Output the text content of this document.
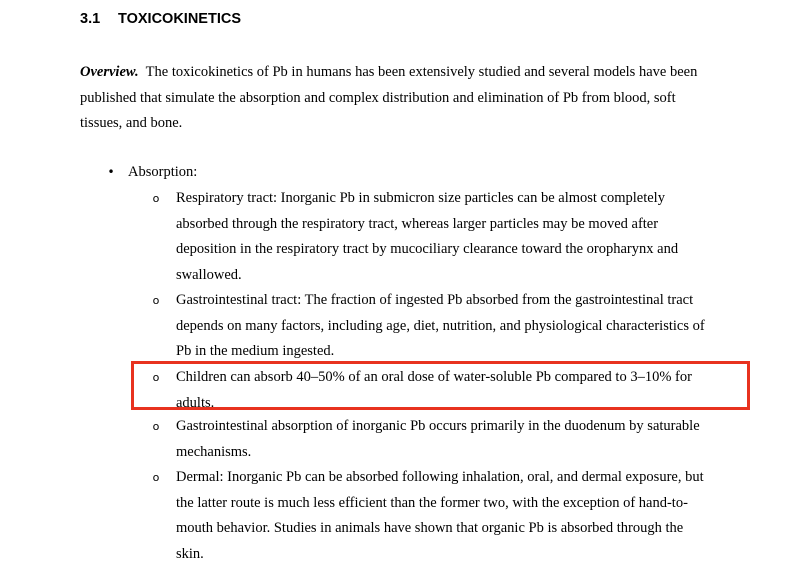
3.1 TOXICOKINETICS
Overview. The toxicokinetics of Pb in humans has been extensively studied and several models have been published that simulate the absorption and complex distribution and elimination of Pb from blood, soft tissues, and bone.
• Absorption:
o Respiratory tract: Inorganic Pb in submicron size particles can be almost completely absorbed through the respiratory tract, whereas larger particles may be moved after deposition in the respiratory tract by mucociliary clearance toward the oropharynx and swallowed.
o Gastrointestinal tract: The fraction of ingested Pb absorbed from the gastrointestinal tract depends on many factors, including age, diet, nutrition, and physiological characteristics of Pb in the medium ingested.
o Children can absorb 40–50% of an oral dose of water-soluble Pb compared to 3–10% for adults.
o Gastrointestinal absorption of inorganic Pb occurs primarily in the duodenum by saturable mechanisms.
o Dermal: Inorganic Pb can be absorbed following inhalation, oral, and dermal exposure, but the latter route is much less efficient than the former two, with the exception of hand-to-mouth behavior. Studies in animals have shown that organic Pb is absorbed through the skin.
